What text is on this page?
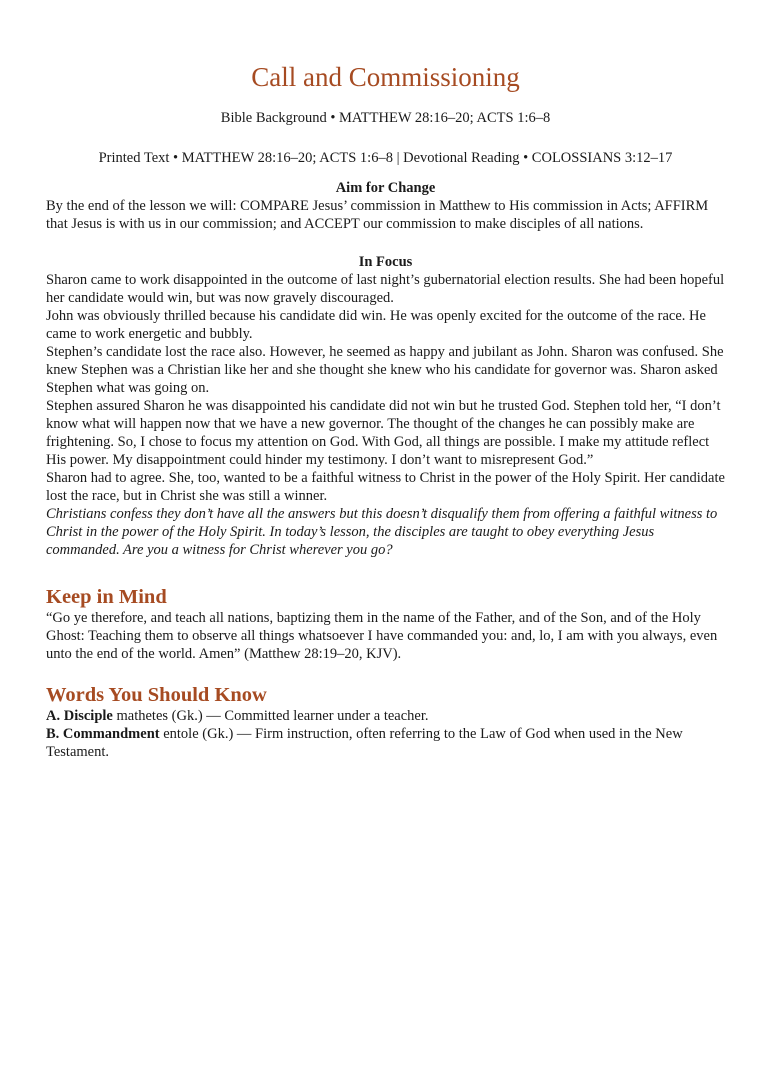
Call and Commissioning

Bible Background • MATTHEW 28:16–20; ACTS 1:6–8

Printed Text • MATTHEW 28:16–20; ACTS 1:6–8 | Devotional Reading • COLOSSIANS 3:12–17

Aim for Change

By the end of the lesson we will: COMPARE Jesus’ commission in Matthew to His commission in Acts; AFFIRM that Jesus is with us in our commission; and ACCEPT our commission to make disciples of all nations.

In Focus

Sharon came to work disappointed in the outcome of last night’s gubernatorial election results. She had been hopeful her candidate would win, but was now gravely discouraged.

John was obviously thrilled because his candidate did win. He was openly excited for the outcome of the race. He came to work energetic and bubbly.

Stephen’s candidate lost the race also. However, he seemed as happy and jubilant as John. Sharon was confused. She knew Stephen was a Christian like her and she thought she knew who his candidate for governor was. Sharon asked Stephen what was going on.

Stephen assured Sharon he was disappointed his candidate did not win but he trusted God. Stephen told her, “I don’t know what will happen now that we have a new governor. The thought of the changes he can possibly make are frightening. So, I chose to focus my attention on God. With God, all things are possible. I make my attitude reflect His power. My disappointment could hinder my testimony. I don’t want to misrepresent God.”

Sharon had to agree. She, too, wanted to be a faithful witness to Christ in the power of the Holy Spirit. Her candidate lost the race, but in Christ she was still a winner.

Christians confess they don’t have all the answers but this doesn’t disqualify them from offering a faithful witness to Christ in the power of the Holy Spirit. In today’s lesson, the disciples are taught to obey everything Jesus commanded. Are you a witness for Christ wherever you go?

Keep in Mind

“Go ye therefore, and teach all nations, baptizing them in the name of the Father, and of the Son, and of the Holy Ghost: Teaching them to observe all things whatsoever I have commanded you: and, lo, I am with you always, even unto the end of the world. Amen” (Matthew 28:19–20, KJV).

Words You Should Know

A. Disciple mathetes (Gk.) — Committed learner under a teacher.

B. Commandment entole (Gk.) — Firm instruction, often referring to the Law of God when used in the New Testament.
